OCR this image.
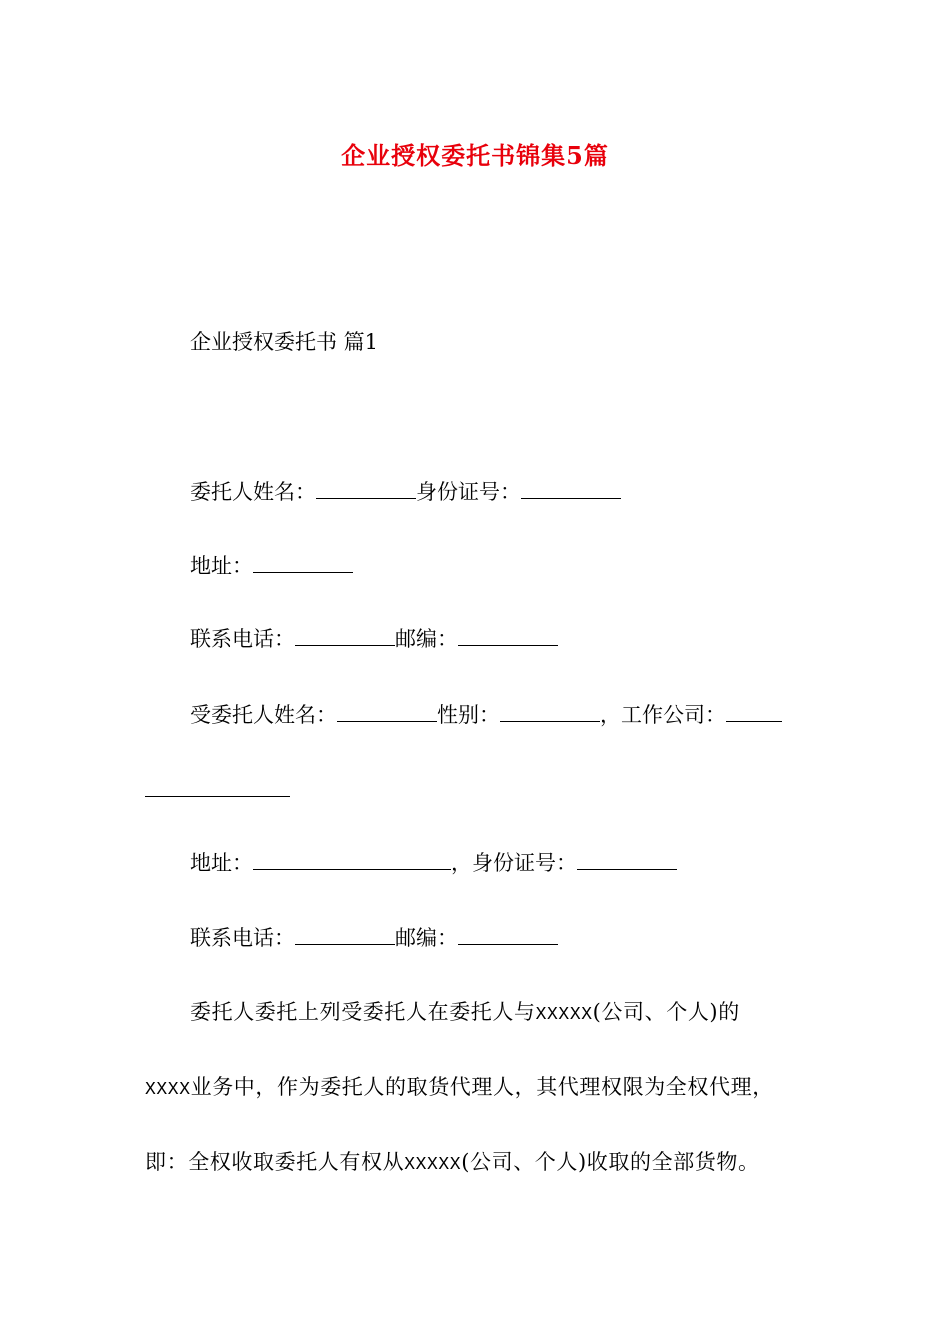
企业授权委托书锦集5篇
企业授权委托书 篇1
委托人姓名：	身份证号：
地址：
联系电话：	邮编：
受委托人姓名：	性别：	，工作公司：
地址：	，身份证号：
联系电话：	邮编：
委托人委托上列受委托人在委托人与XXXXX(公司、个人)的
XXXX业务中，作为委托人的取货代理人，其代理权限为全权代理，
即：全权收取委托人有权从XXXXX(公司、个人)收取的全部货物。
